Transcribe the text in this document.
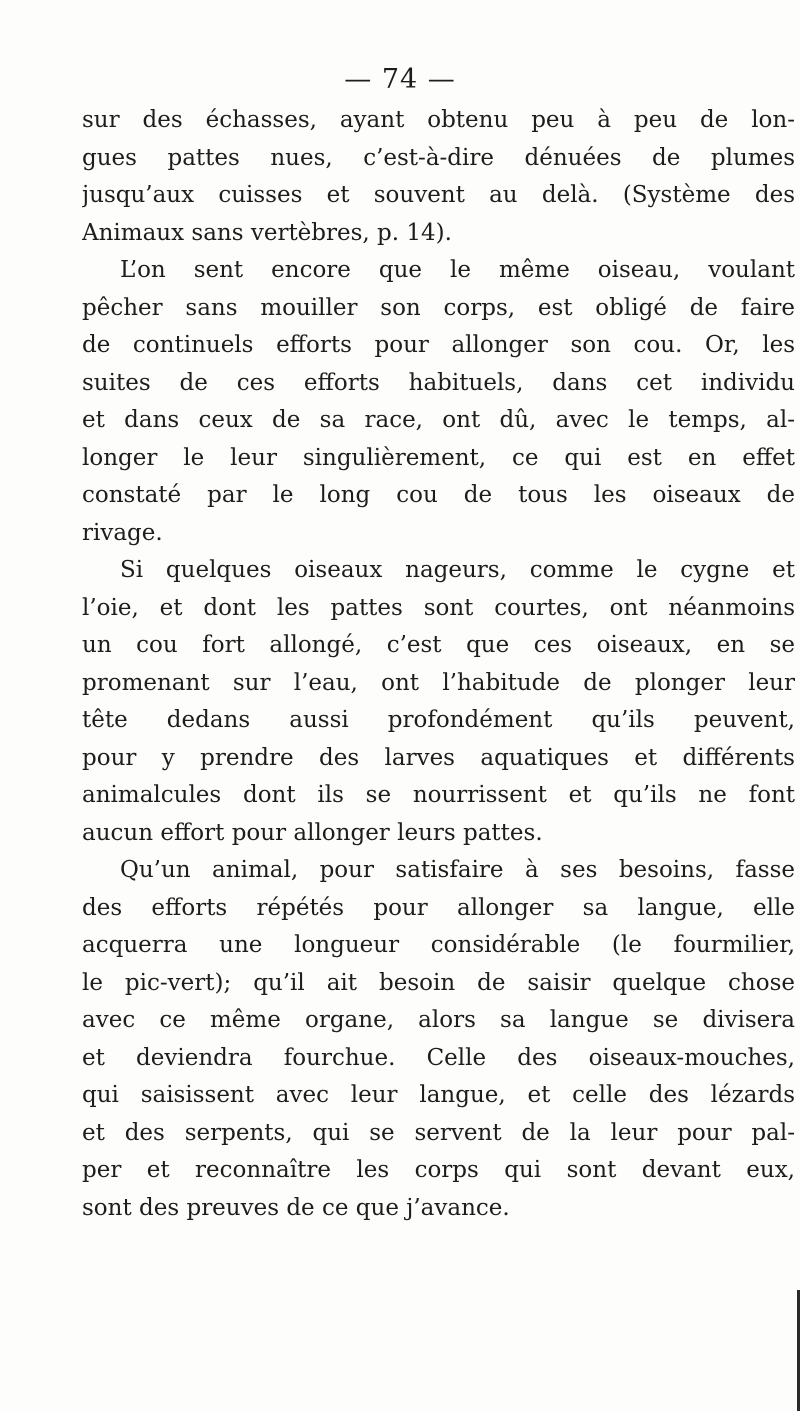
— 74 —
sur des échasses, ayant obtenu peu à peu de lon-
gues pattes nues, c’est-à-dire dénuées de plumes
jusqu’aux cuisses et souvent au delà. (Système des
Animaux sans vertèbres, p. 14).
L’on sent encore que le même oiseau, voulant
pêcher sans mouiller son corps, est obligé de faire
de continuels efforts pour allonger son cou. Or, les
suites de ces efforts habituels, dans cet individu
et dans ceux de sa race, ont dû, avec le temps, al-
longer le leur singulièrement, ce qui est en effet
constaté par le long cou de tous les oiseaux de
rivage.
Si quelques oiseaux nageurs, comme le cygne et
l’oie, et dont les pattes sont courtes, ont néanmoins
un cou fort allongé, c’est que ces oiseaux, en se
promenant sur l’eau, ont l’habitude de plonger leur
tête dedans aussi profondément qu’ils peuvent,
pour y prendre des larves aquatiques et différents
animalcules dont ils se nourrissent et qu’ils ne font
aucun effort pour allonger leurs pattes.
Qu’un animal, pour satisfaire à ses besoins, fasse
des efforts répétés pour allonger sa langue, elle
acquerra une longueur considérable (le fourmilier,
le pic-vert); qu’il ait besoin de saisir quelque chose
avec ce même organe, alors sa langue se divisera
et deviendra fourchue. Celle des oiseaux-mouches,
qui saisissent avec leur langue, et celle des lézards
et des serpents, qui se servent de la leur pour pal-
per et reconnaître les corps qui sont devant eux,
sont des preuves de ce que j’avance.
